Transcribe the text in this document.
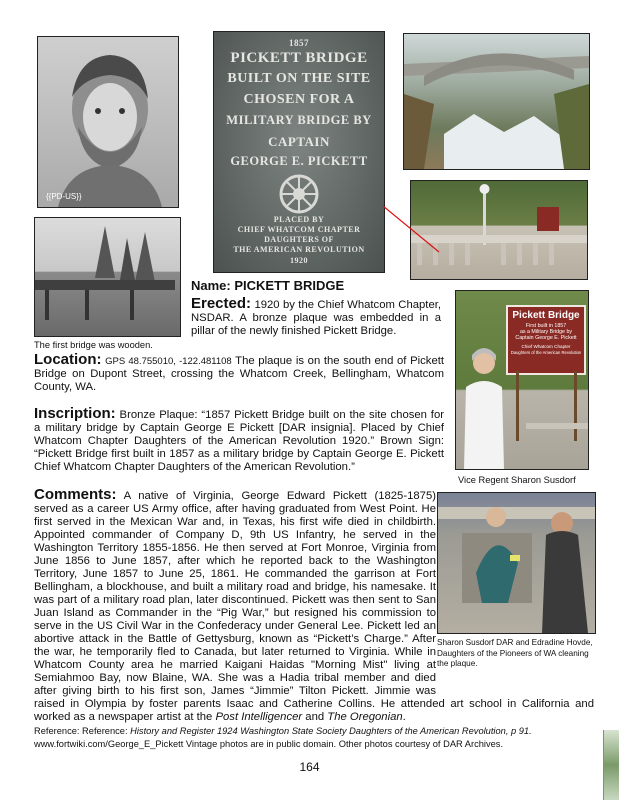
{{PD-US}}
The first bridge was wooden.
1857
PICKETT BRIDGE
BUILT ON THE SITE
CHOSEN FOR A
MILITARY BRIDGE BY
CAPTAIN
GEORGE E. PICKETT
PLACED BY
CHIEF WHATCOM CHAPTER
DAUGHTERS OF
THE AMERICAN REVOLUTION
1920
Pickett Bridge
First built in 1857
as a Military Bridge by
Captain George E. Pickett
Chief Whatcom Chapter
Daughters of the American Revolution
Vice Regent Sharon Susdorf
Sharon Susdorf DAR and Edradine Hovde, Daughters of the Pioneers of WA cleaning the plaque.
Name: PICKETT BRIDGE
Erected: 1920 by the Chief Whatcom Chapter, NSDAR. A bronze plaque was embedded in a pillar of the newly finished Pickett Bridge.
Location: GPS 48.755010, -122.481108 The plaque is on the south end of Pickett Bridge on Dupont Street, crossing the Whatcom Creek, Bellingham, Whatcom County, WA.
Inscription: Bronze Plaque: “1857 Pickett Bridge built on the site chosen for a military bridge by Captain George E Pickett [DAR insignia]. Placed by Chief Whatcom Chapter Daughters of the American Revolution 1920.” Brown Sign: “Pickett Bridge first built in 1857 as a military bridge by Captain George E. Pickett Chief Whatcom Chapter Daughters of the American Revolution.”
Comments: A native of Virginia, George Edward Pickett (1825-1875) served as a career US Army office, after having graduated from West Point. He first served in the Mexican War and, in Texas, his first wife died in childbirth. Appointed commander of Company D, 9th US Infantry, he served in the Washington Territory 1855-1856. He then served at Fort Monroe, Virginia from June 1856 to June 1857, after which he reported back to the Washington Territory, June 1857 to June 25, 1861. He commanded the garrison at Fort Bellingham, a blockhouse, and built a military road and bridge, his namesake. It was part of a military road plan, later discontinued. Pickett was then sent to San Juan Island as Commander in the “Pig War,” but resigned his commission to serve in the US Civil War in the Confederacy under General Lee. Pickett led an abortive attack in the Battle of Gettysburg, known as “Pickett’s Charge.” After the war, he temporarily fled to Canada, but later returned to Virginia. While in Whatcom County area he married Kaigani Haidas "Morning Mist" living at Semiahmoo Bay, now Blaine, WA. She was a Hadia tribal member and died after giving birth to his first son, James “Jimmie” Tilton Pickett. Jimmie was raised in Olympia by foster parents Isaac and Catherine Collins. He attended art school in California and worked as a newspaper artist at the Post Intelligencer and The Oregonian.
Reference: Reference: History and Register 1924 Washington State Society Daughters of the American Revolution, p 91.
www.fortwiki.com/George_E_Pickett Vintage photos are in public domain. Other photos courtesy of DAR Archives.
164
